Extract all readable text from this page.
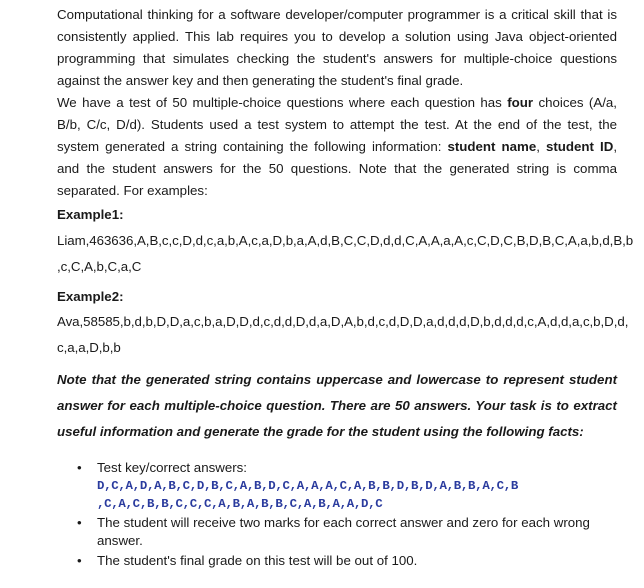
Computational thinking for a software developer/computer programmer is a critical skill that is consistently applied. This lab requires you to develop a solution using Java object-oriented programming that simulates checking the student's answers for multiple-choice questions against the answer key and then generating the student's final grade.

We have a test of 50 multiple-choice questions where each question has four choices (A/a, B/b, C/c, D/d). Students used a test system to attempt the test. At the end of the test, the system generated a string containing the following information: student name, student ID, and the student answers for the 50 questions. Note that the generated string is comma separated. For examples:

Example1:
Liam,463636,A,B,c,c,D,d,c,a,b,A,c,a,D,b,a,A,d,B,C,C,D,d,d,C,A,A,a,A,c,C,D,C,B,D,B,C,A,a,b,d,B,b
,c,C,A,b,C,a,C
Example2:
Ava,58585,b,d,b,D,D,a,c,b,a,D,D,d,c,d,d,D,d,a,D,A,b,d,c,d,D,D,a,d,d,d,D,b,d,d,d,c,A,d,d,a,c,b,D,d,
c,a,a,D,b,b

Note that the generated string contains uppercase and lowercase to represent student answer for each multiple-choice question. There are 50 answers. Your task is to extract useful information and generate the grade for the student using the following facts:

• Test key/correct answers:
D,C,A,D,A,B,C,D,B,C,A,B,D,C,A,A,A,C,A,B,B,D,B,D,A,B,B,A,C,B
,C,A,C,B,B,C,C,C,A,B,A,B,B,C,A,B,A,A,D,C
• The student will receive two marks for each correct answer and zero for each wrong answer.
• The student's final grade on this test will be out of 100.
